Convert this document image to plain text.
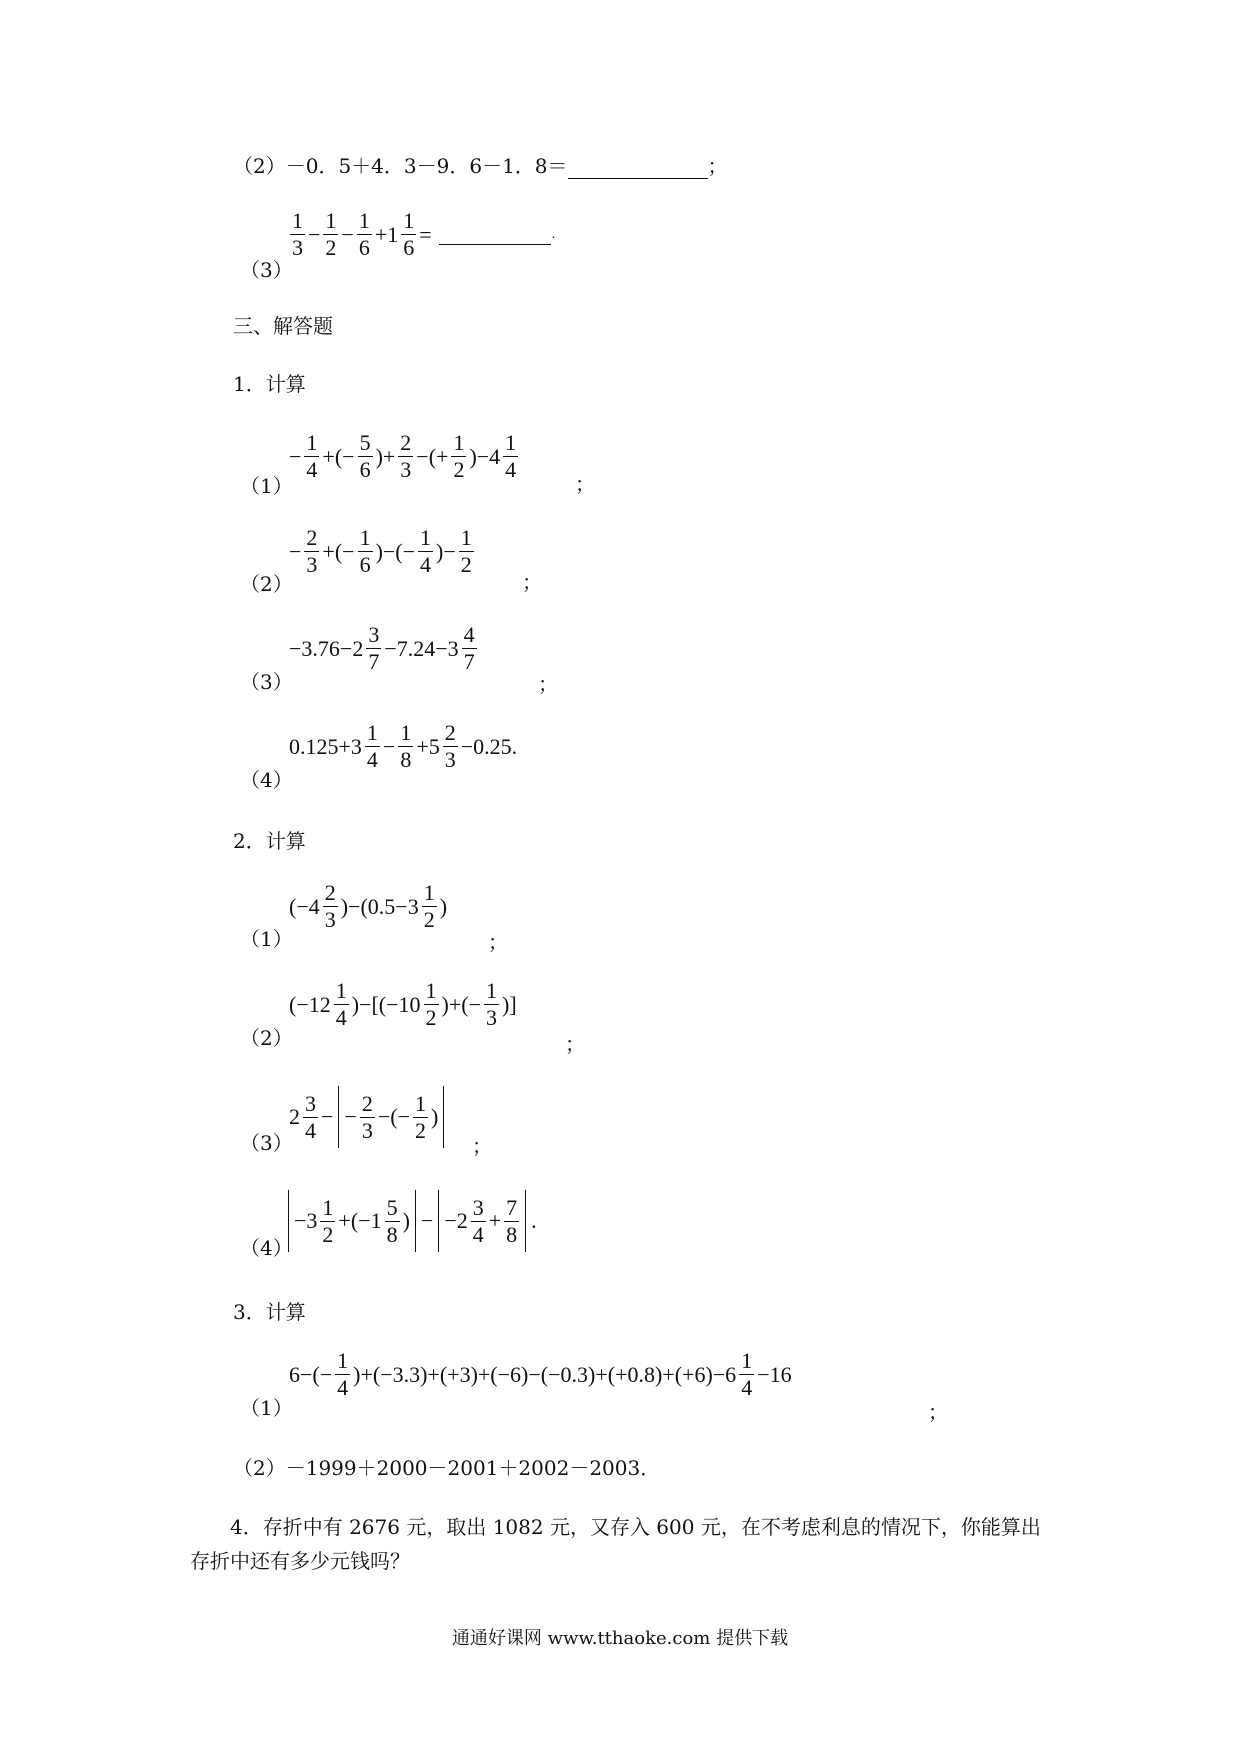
（2）－0．5＋4．3－9．6－1．8＝	；
（3）
$\frac{1}{3} - \frac{1}{2} - \frac{1}{6} +1 \frac{1}{6}$ =	.
三、解答题
1．计算
（1）
− $\frac{1}{4}$ +(− $\frac{5}{6}$ )+ $\frac{2}{3}$ −(+ $\frac{1}{2} )-4 \frac{1}{4}$
；
（2）
− $\frac{2}{3}$ +(− $\frac{1}{6}$ )−(− $\frac{1}{4}$ )− $\frac{1}{2}$
；
（3）
$-3.76-2 \frac{3}{7} -7.24-3 \frac{4}{7}$
；
（4）
$0.125+3 \frac{1}{4} - \frac{1}{8} +5 \frac{2}{3} -0.25$.
2．计算
（1）
$(-4 \frac{2}{3} )-(0.5-3 \frac{1}{2}$ )
；
（2）
$(-12 \frac{1}{4} )-[(-10 \frac{1}{2}$ )+(− $\frac{1}{3}$ )]
；
（3）
$2 \frac{3}{4}$ − − $\frac{2}{3}$ −(− $\frac{1}{2}$ )
；
（4）
$-3 \frac{1}{2} +(-1 \frac{5}{8}$ ) − $-2 \frac{3}{4} + \frac{7}{8}$ .
3．计算
（1）
$6-(- \frac{1}{4} )+(-3.3)+(+3)+(-6)-(-0.3)+(+0.8)+(+6)-6 \frac{1}{4} -16$
；
（2）－1999＋2000－2001＋2002－2003．
4．存折中有 2676 元，取出 1082 元，又存入 600 元，在不考虑利息的情况下，你能算出存折中还有多少元钱吗？
通通好课网 www.tthaoke.com 提供下载
